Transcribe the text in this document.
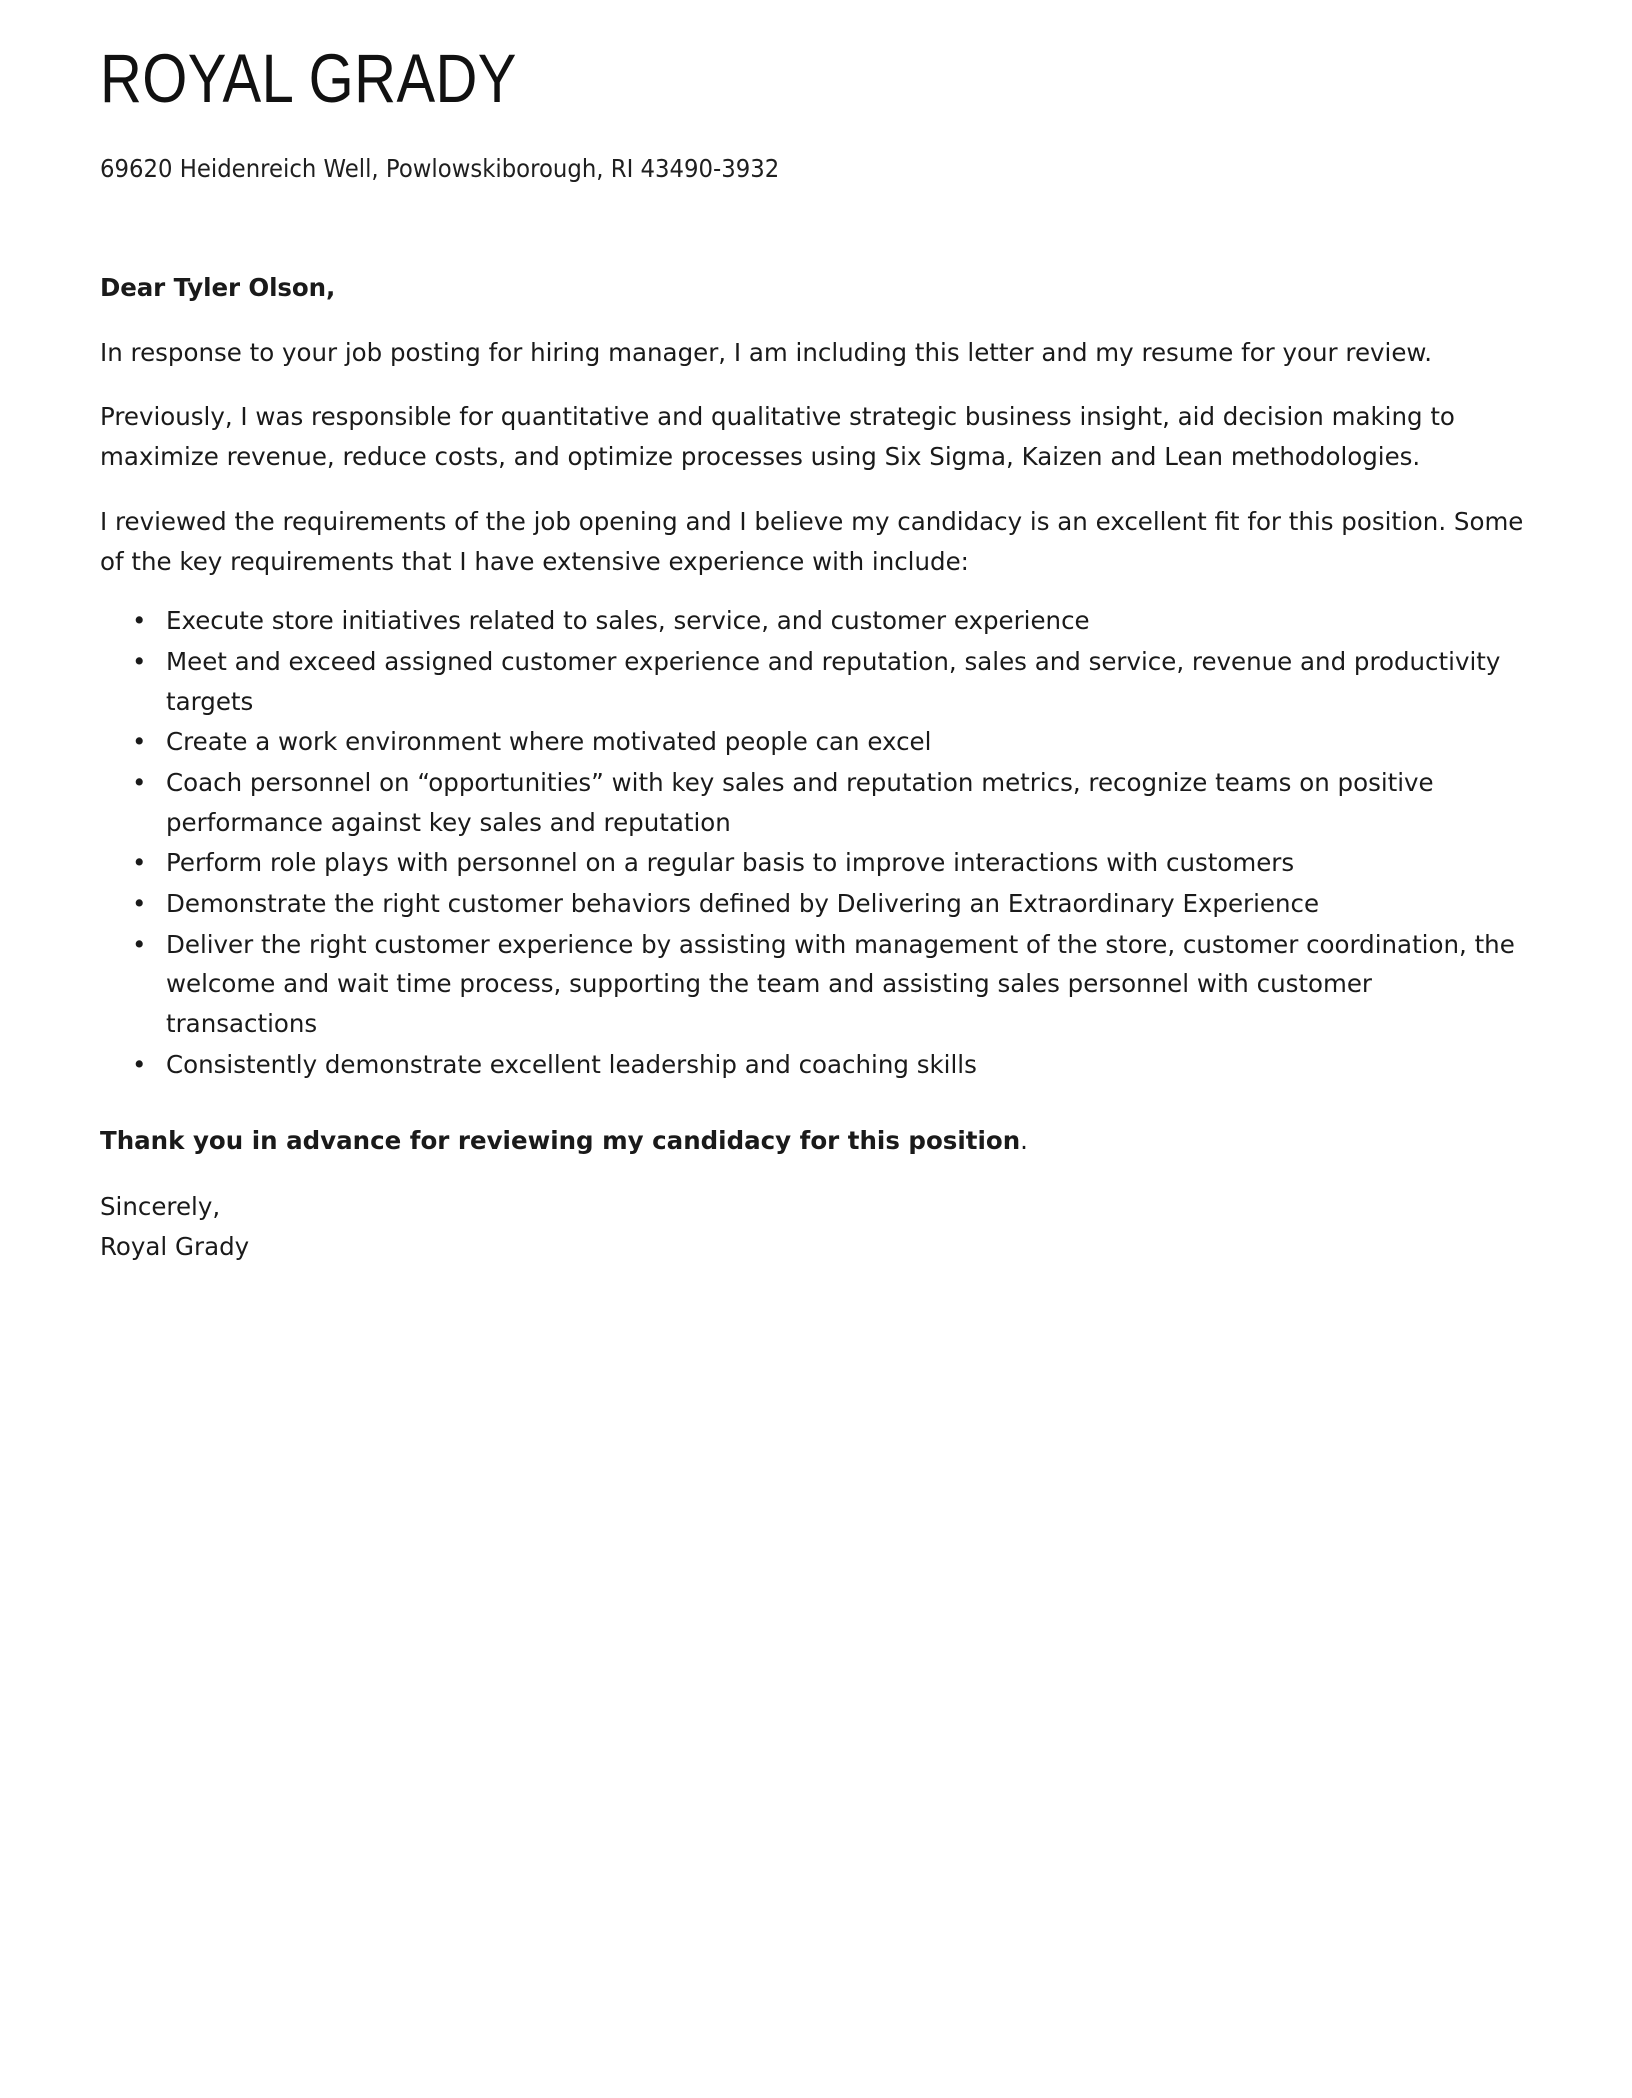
ROYAL GRADY
69620 Heidenreich Well, Powlowskiborough, RI 43490-3932

Dear Tyler Olson,

In response to your job posting for hiring manager, I am including this letter and my resume for your review.

Previously, I was responsible for quantitative and qualitative strategic business insight, aid decision making to maximize revenue, reduce costs, and optimize processes using Six Sigma, Kaizen and Lean methodologies.

I reviewed the requirements of the job opening and I believe my candidacy is an excellent fit for this position. Some of the key requirements that I have extensive experience with include:

• Execute store initiatives related to sales, service, and customer experience
• Meet and exceed assigned customer experience and reputation, sales and service, revenue and productivity targets
• Create a work environment where motivated people can excel
• Coach personnel on “opportunities” with key sales and reputation metrics, recognize teams on positive performance against key sales and reputation
• Perform role plays with personnel on a regular basis to improve interactions with customers
• Demonstrate the right customer behaviors defined by Delivering an Extraordinary Experience
• Deliver the right customer experience by assisting with management of the store, customer coordination, the welcome and wait time process, supporting the team and assisting sales personnel with customer transactions
• Consistently demonstrate excellent leadership and coaching skills

Thank you in advance for reviewing my candidacy for this position.

Sincerely,
Royal Grady
